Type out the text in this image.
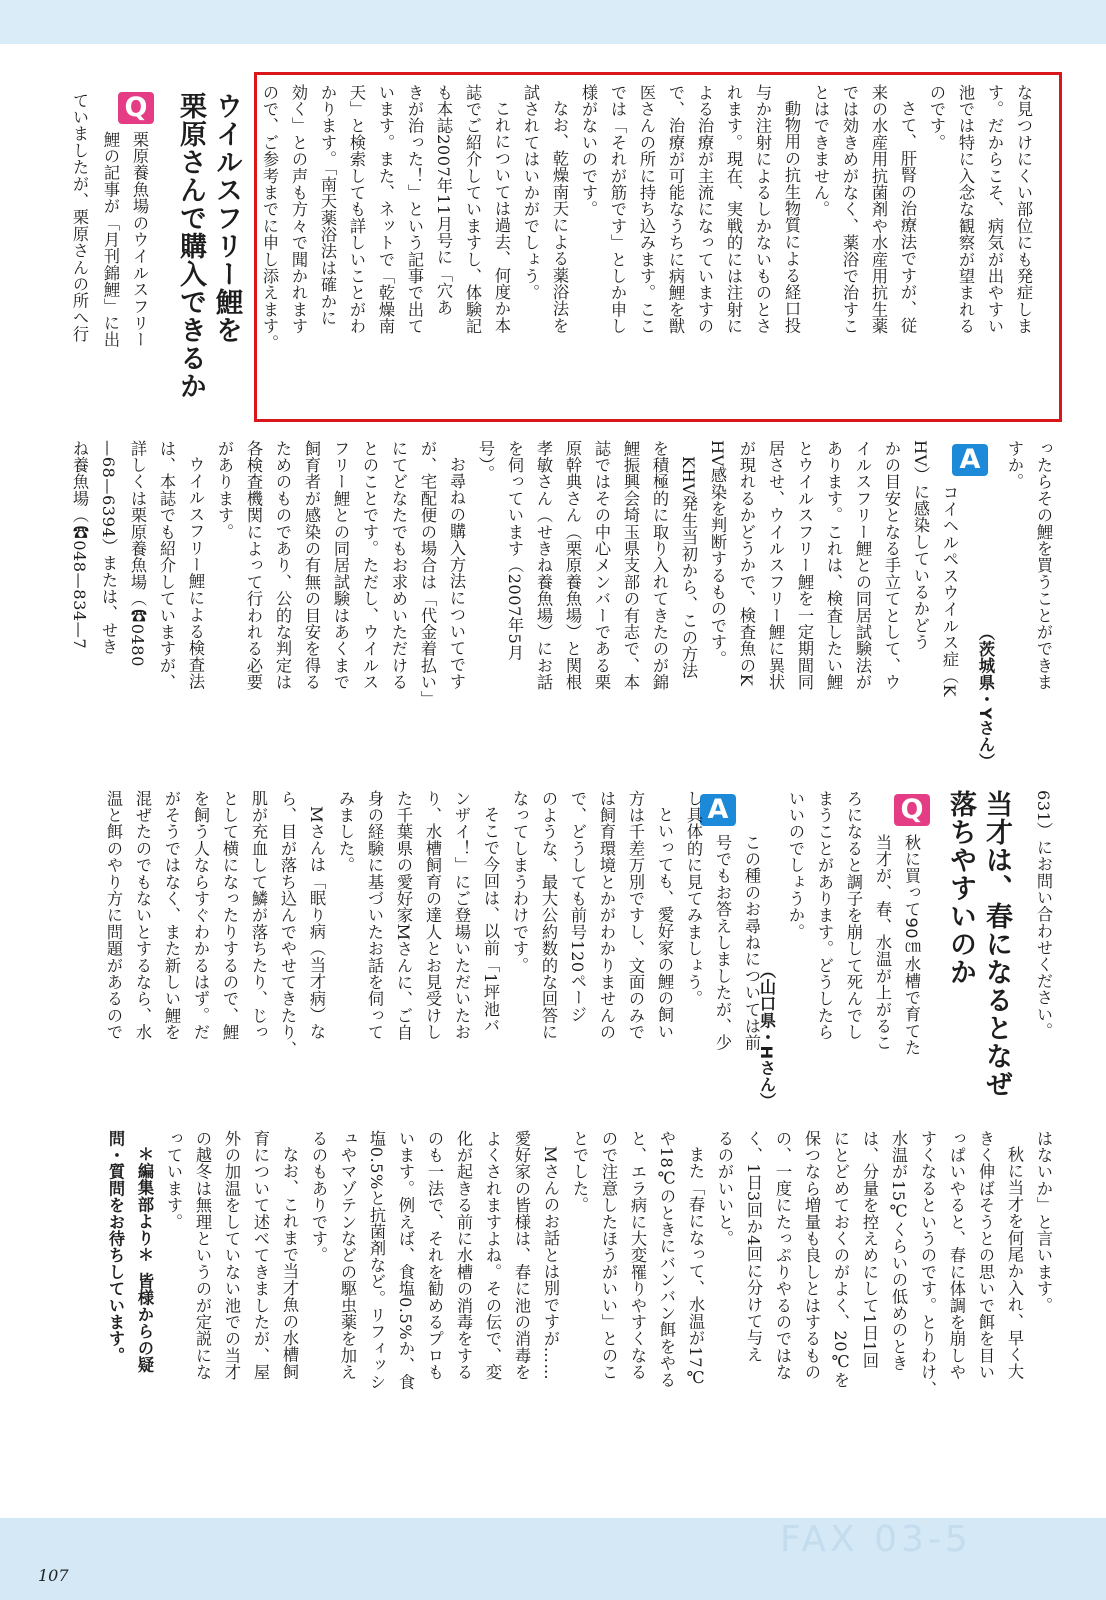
FAX 03-5
107
な見つけにくい部位にも発症しま
す。だからこそ、病気が出やすい
池では特に入念な観察が望まれる
のです。
さて、肝腎の治療法ですが、従
来の水産用抗菌剤や水産用抗生薬
では効きめがなく、薬浴で治すこ
とはできません。
動物用の抗生物質による経口投
与か注射によるしかないものとさ
れます。現在、実戦的には注射に
よる治療が主流になっていますの
で、治療が可能なうちに病鯉を獣
医さんの所に持ち込みます。ここ
では「それが筋です」としか申し
様がないのです。
なお、乾燥南天による薬浴法を
試されてはいかがでしょう。
これについては過去、何度か本
誌でご紹介していますし、体験記
も本誌2007年11月号に「穴あ
きが治った！」という記事で出て
います。また、ネットで「乾燥南
天」と検索しても詳しいことがわ
かります。「南天薬浴法は確かに
効く」との声も方々で聞かれます
ので、ご参考までに申し添えます。
ウイルスフリー鯉を
栗原さんで購入できるか
Q
栗原養魚場のウイルスフリー
鯉の記事が「月刊錦鯉」に出
ていましたが、栗原さんの所へ行
ったらその鯉を買うことができま
すか。
（茨城県・Yさん）
A
コイヘルペスウイルス症（K
HV）に感染しているかどう
かの目安となる手立てとして、ウ
イルスフリー鯉との同居試験法が
あります。これは、検査したい鯉
とウイルスフリー鯉を一定期間同
居させ、ウイルスフリー鯉に異状
が現れるかどうかで、検査魚のK
HV感染を判断するものです。
KHV発生当初から、この方法
を積極的に取り入れてきたのが錦
鯉振興会埼玉県支部の有志で、本
誌ではその中心メンバーである栗
原幹典さん（栗原養魚場）と関根
孝敏さん（せきね養魚場）にお話
を伺っています（2007年5月
号）。
お尋ねの購入方法についてです
が、宅配便の場合は「代金着払い」
にてどなたでもお求めいただける
とのことです。ただし、ウイルス
フリー鯉との同居試験はあくまで
飼育者が感染の有無の目安を得る
ためのものであり、公的な判定は
各検査機関によって行われる必要
があります。
ウイルスフリー鯉による検査法
は、本誌でも紹介していますが、
詳しくは栗原養魚場（☎0480
—68—6394）または、せき
ね養魚場（☎048—834—7
631）にお問い合わせください。
当才は、春になるとなぜ
落ちやすいのか
Q
秋に買って90㎝水槽で育てた
当才が、春、水温が上がるこ
ろになると調子を崩して死んでし
まうことがあります。どうしたら
いいのでしょうか。
（山口県・Hさん）
A
この種のお尋ねについては前
号でもお答えしましたが、少
し具体的に見てみましょう。
といっても、愛好家の鯉の飼い
方は千差万別ですし、文面のみで
は飼育環境とかがわかりませんの
で、どうしても前号120ページ
のような、最大公約数的な回答に
なってしまうわけです。
そこで今回は、以前「1坪池バ
ンザイ！」にご登場いただいたお
り、水槽飼育の達人とお見受けし
た千葉県の愛好家Mさんに、ご自
身の経験に基づいたお話を伺って
みました。
Mさんは「眠り病（当才病）な
ら、目が落ち込んでやせてきたり、
肌が充血して鱗が落ちたり、じっ
として横になったりするので、鯉
を飼う人ならすぐわかるはず。だ
がそうではなく、また新しい鯉を
混ぜたのでもないとするなら、水
温と餌のやり方に問題があるので
はないか」と言います。
秋に当才を何尾か入れ、早く大
きく伸ばそうとの思いで餌を目い
っぱいやると、春に体調を崩しや
すくなるというのです。とりわけ、
水温が15℃くらいの低めのとき
は、分量を控えめにして1日1回
にとどめておくのがよく、20℃を
保つなら増量も良しとはするもの
の、一度にたっぷりやるのではな
く、1日3回か4回に分けて与え
るのがいいと。
また「春になって、水温が17℃
や18℃のときにバンバン餌をやる
と、エラ病に大変罹りやすくなる
ので注意したほうがいい」とのこ
とでした。
Mさんのお話とは別ですが……
愛好家の皆様は、春に池の消毒を
よくされますよね。その伝で、変
化が起きる前に水槽の消毒をする
のも一法で、それを勧めるプロも
います。例えば、食塩0.5%か、食
塩0.5%と抗菌剤など。リフィッシ
ュやマゾテンなどの駆虫薬を加え
るのもありです。
なお、これまで当才魚の水槽飼
育について述べてきましたが、屋
外の加温をしていない池での当才
の越冬は無理というのが定説にな
っています。
＊編集部より＊皆様からの疑
問・質問をお待ちしています。
